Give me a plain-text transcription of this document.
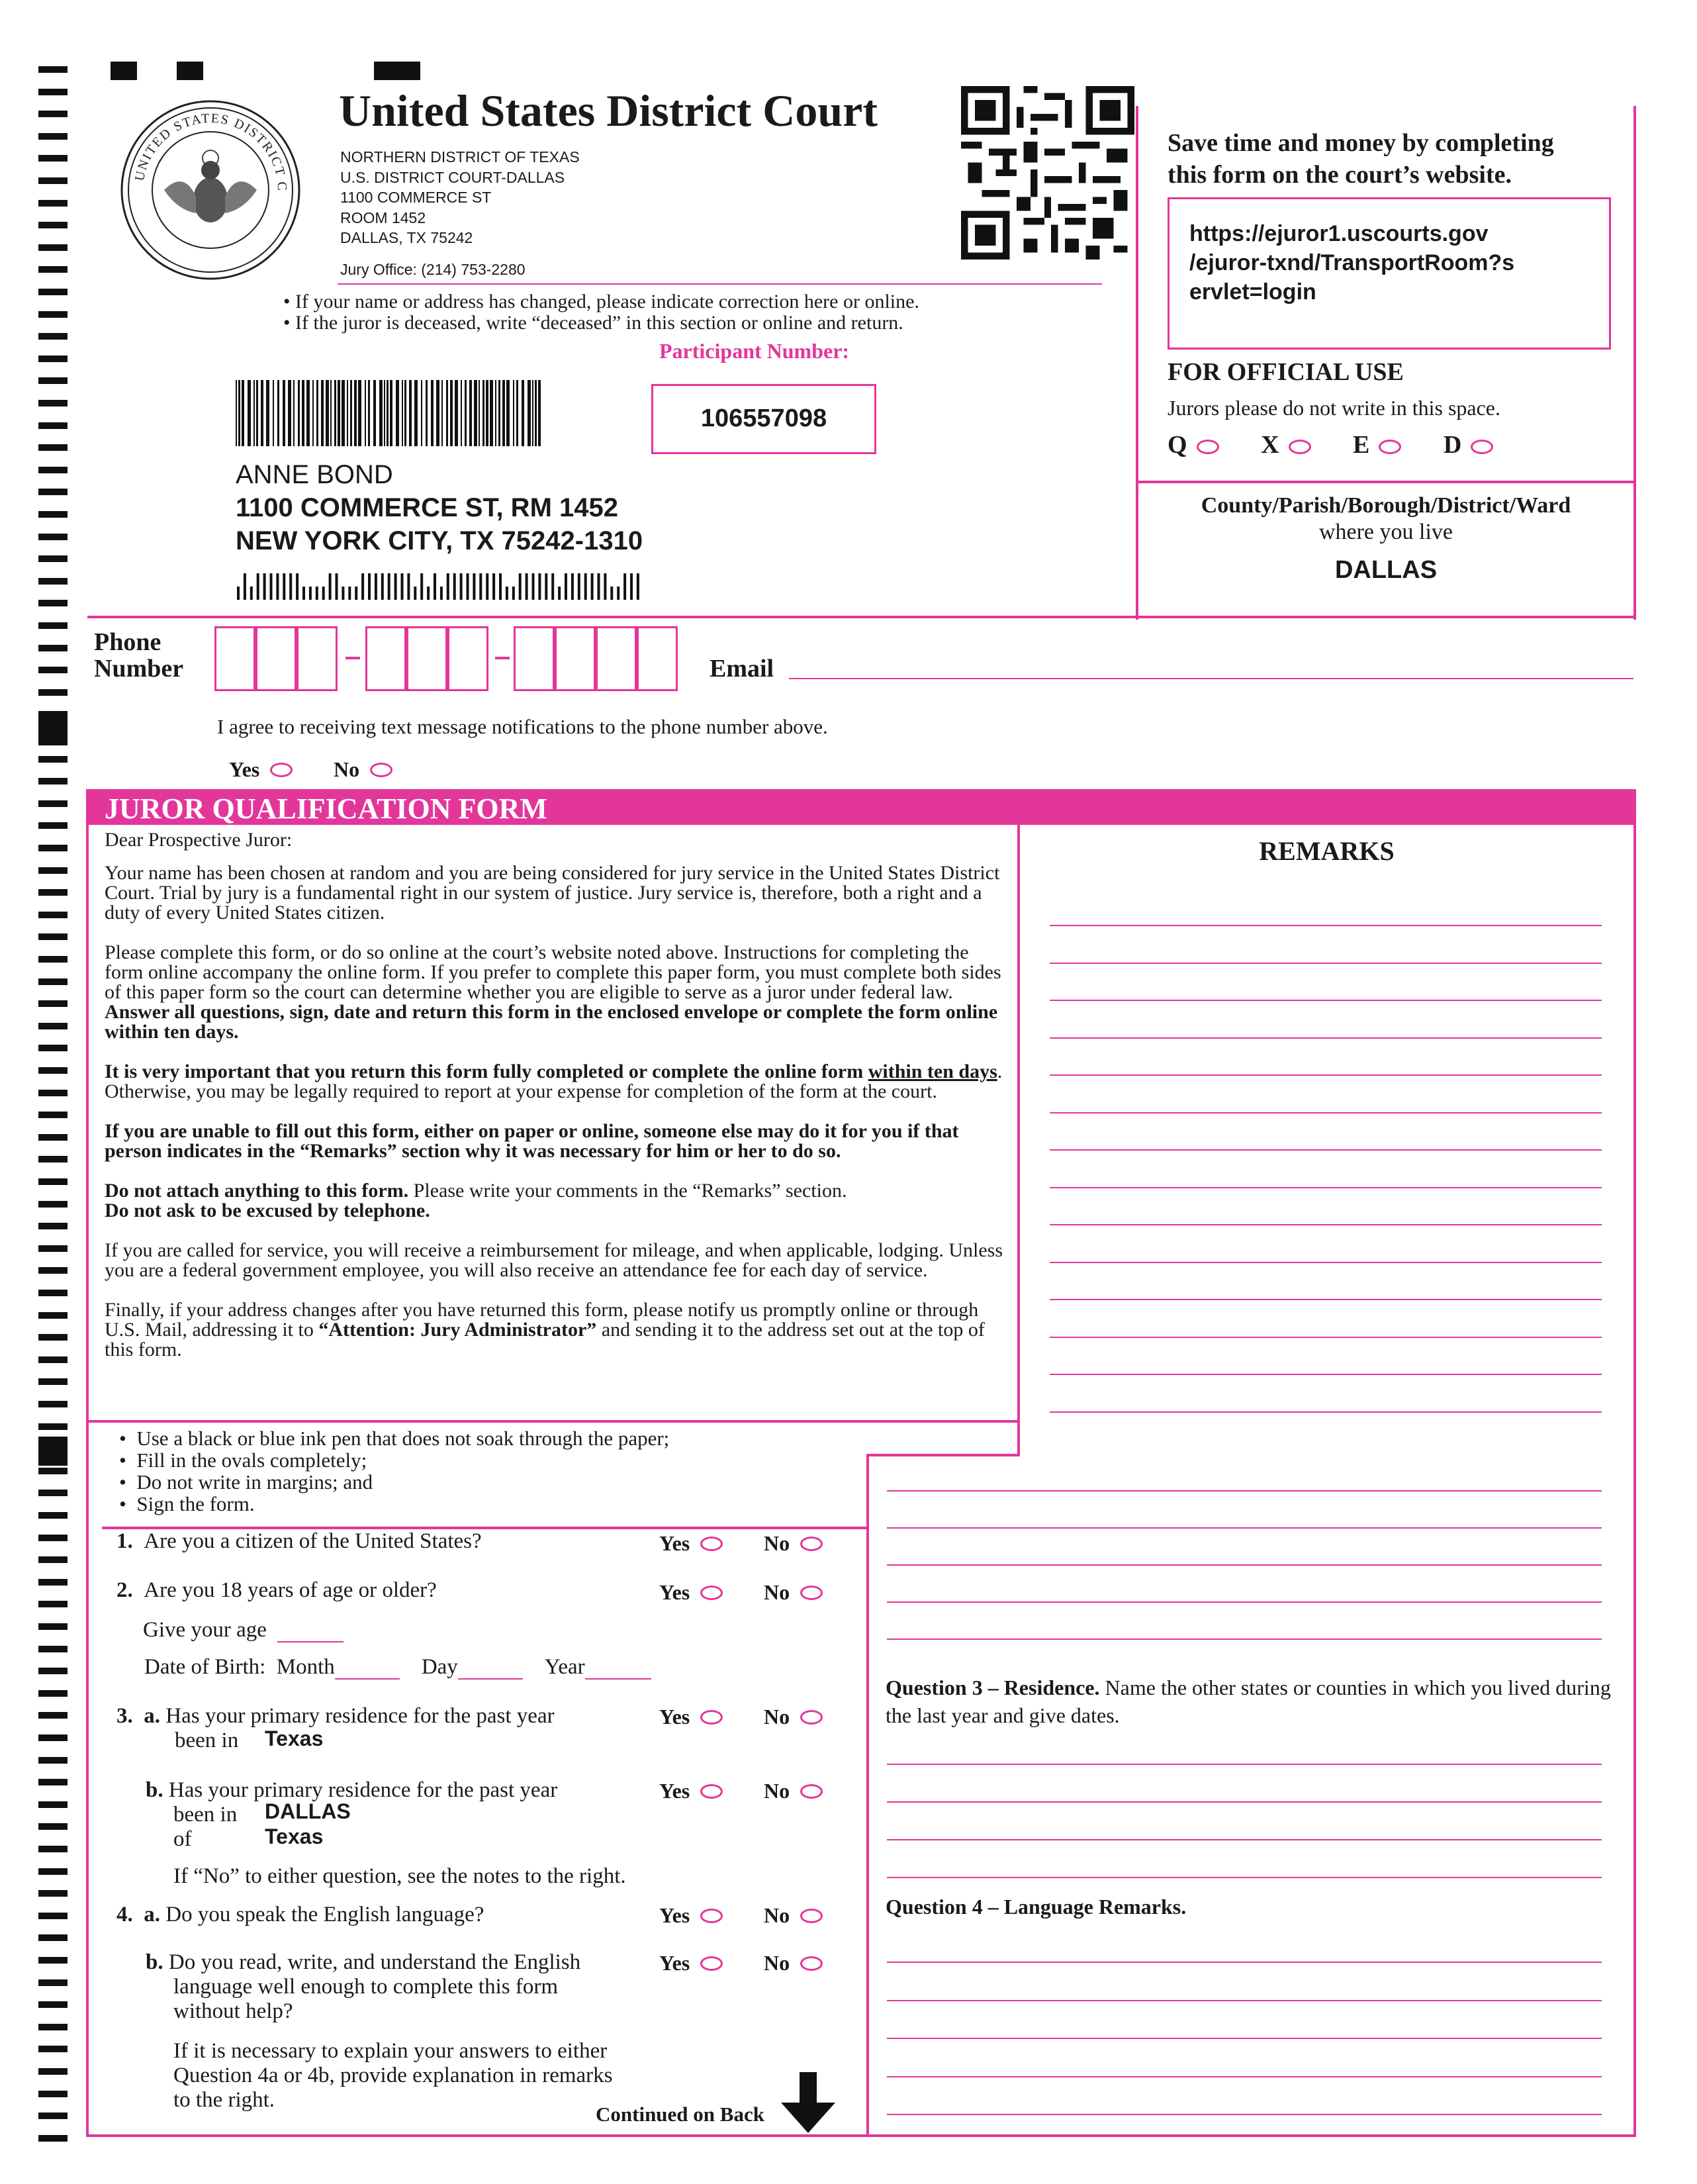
UNITED STATES DISTRICT C
United States District Court
NORTHERN DISTRICT OF TEXAS
U.S. DISTRICT COURT-DALLAS
1100 COMMERCE ST
ROOM 1452
DALLAS, TX 75242
Jury Office: (214) 753-2280
• If your name or address has changed, please indicate correction here or online.
• If the juror is deceased, write “deceased” in this section or online and return.
Participant Number:
106557098
ANNE BOND
1100 COMMERCE ST, RM 1452
NEW YORK CITY, TX 75242-1310
Save time and money by completing
this form on the court’s website.
https://ejuror1.uscourts.gov
/ejuror-txnd/TransportRoom?s
ervlet=login
FOR OFFICIAL USE
Jurors please do not write in this space.
Q	X	E	D
County/Parish/Borough/District/Ward
where you live
DALLAS
Phone
Number	Email
I agree to receiving text message notifications to the phone number above.
Yes	No
JUROR QUALIFICATION FORM

Dear Prospective Juror:

Your name has been chosen at random and you are being considered for jury service in the United States District Court. Trial by jury is a fundamental right in our system of justice. Jury service is, therefore, both a right and a duty of every United States citizen.

Please complete this form, or do so online at the court’s website noted above. Instructions for completing the form online accompany the online form. If you prefer to complete this paper form, you must complete both sides of this paper form so the court can determine whether you are eligible to serve as a juror under federal law. Answer all questions, sign, date and return this form in the enclosed envelope or complete the form online within ten days.

It is very important that you return this form fully completed or complete the online form within ten days. Otherwise, you may be legally required to report at your expense for completion of the form at the court.

If you are unable to fill out this form, either on paper or online, someone else may do it for you if that person indicates in the “Remarks” section why it was necessary for him or her to do so.

Do not attach anything to this form. Please write your comments in the “Remarks” section.
Do not ask to be excused by telephone.

If you are called for service, you will receive a reimbursement for mileage, and when applicable, lodging. Unless you are a federal government employee, you will also receive an attendance fee for each day of service.

Finally, if your address changes after you have returned this form, please notify us promptly online or through U.S. Mail, addressing it to “Attention: Jury Administrator” and sending it to the address set out at the top of this form.

•  Use a black or blue ink pen that does not soak through the paper;
•  Fill in the ovals completely;
•  Do not write in margins; and
•  Sign the form.
1. Are you a citizen of the United States?	Yes	No
2. Are you 18 years of age or older?	Yes	No
Give your age
Date of Birth: Month	Day	Year
3. a. Has your primary residence for the past year
been in	Texas
Yes	No
b. Has your primary residence for the past year
been in
of
DALLAS
Texas
Yes	No
If “No” to either question, see the notes to the right.
4. a. Do you speak the English language?	Yes	No
b. Do you read, write, and understand the English
language well enough to complete this form
without help?
Yes	No
If it is necessary to explain your answers to either
Question 4a or 4b, provide explanation in remarks
to the right.
Continued on Back
REMARKS
Question 3 – Residence. Name the other states or counties in which you lived during the last year and give dates.
Question 4 – Language Remarks.
